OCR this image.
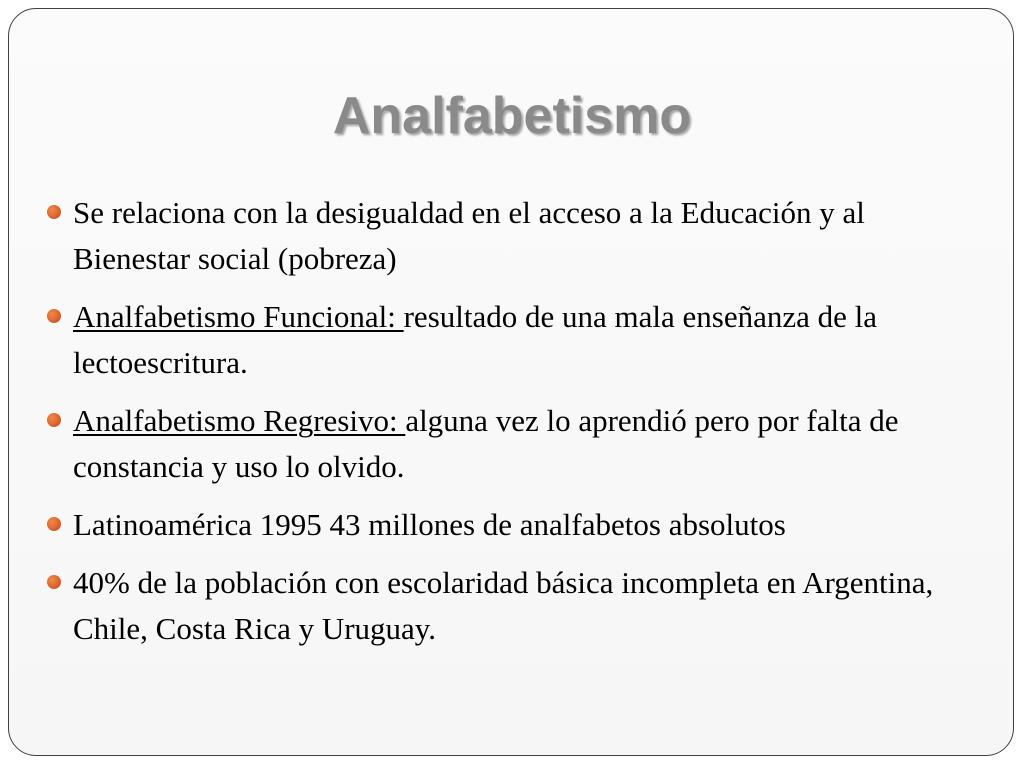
Analfabetismo
Se relaciona con la desigualdad en el acceso a la Educación y al Bienestar social (pobreza)
Analfabetismo Funcional: resultado de una mala enseñanza de la lectoescritura.
Analfabetismo Regresivo: alguna vez lo aprendió pero por falta de constancia y uso lo olvido.
Latinoamérica 1995 43 millones de analfabetos absolutos
40% de la población con escolaridad básica incompleta en Argentina, Chile, Costa Rica y Uruguay.
